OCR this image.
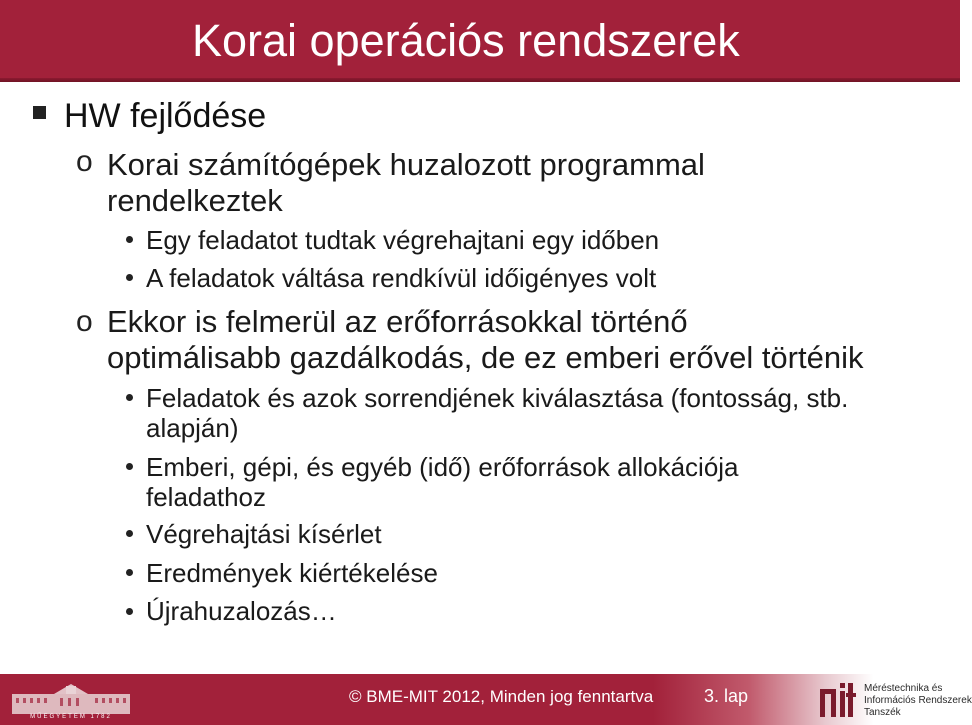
Korai operációs rendszerek
HW fejlődése
o Korai számítógépek huzalozott programmal
rendelkeztek
Egy feladatot tudtak végrehajtani egy időben
A feladatok váltása rendkívül időigényes volt
o Ekkor is felmerül az erőforrásokkal történő
optimálisabb gazdálkodás, de ez emberi erővel történik
Feladatok és azok sorrendjének kiválasztása (fontosság, stb.
alapján)
Emberi, gépi, és egyéb (idő) erőforrások allokációja
feladathoz
Végrehajtási kísérlet
Eredmények kiértékelése
Újrahuzalozás…
MŰEGYETEM 1782
© BME-MIT 2012, Minden jog fenntartva	3. lap	Méréstechnika és
Információs Rendszerek
Tanszék
